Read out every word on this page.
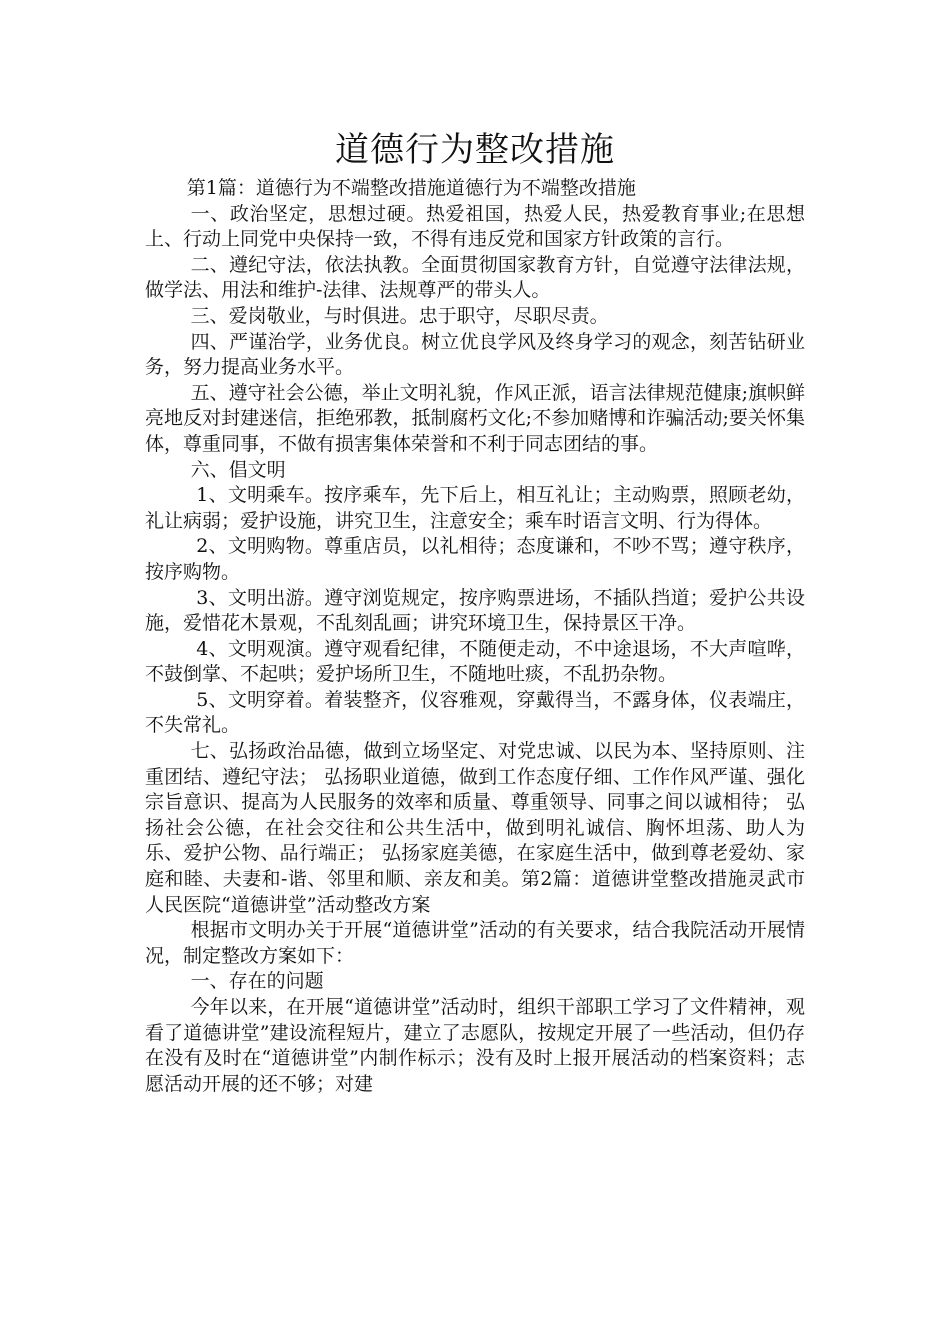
道德行为整改措施

第1篇：道德行为不端整改措施道德行为不端整改措施

一、政治坚定，思想过硬。热爱祖国，热爱人民，热爱教育事业;在思想上、行动上同党中央保持一致，不得有违反党和国家方针政策的言行。

二、遵纪守法，依法执教。全面贯彻国家教育方针，自觉遵守法律法规，做学法、用法和维护-法律、法规尊严的带头人。

三、爱岗敬业，与时俱进。忠于职守，尽职尽责。

四、严谨治学，业务优良。树立优良学风及终身学习的观念，刻苦钻研业务，努力提高业务水平。

五、遵守社会公德，举止文明礼貌，作风正派，语言法律规范健康;旗帜鲜亮地反对封建迷信，拒绝邪教，抵制腐朽文化;不参加赌博和诈骗活动;要关怀集体，尊重同事，不做有损害集体荣誉和不利于同志团结的事。

六、倡文明

1、文明乘车。按序乘车，先下后上，相互礼让；主动购票，照顾老幼，礼让病弱；爱护设施，讲究卫生，注意安全；乘车时语言文明、行为得体。

2、文明购物。尊重店员，以礼相待；态度谦和，不吵不骂；遵守秩序，按序购物。

3、文明出游。遵守浏览规定，按序购票进场，不插队挡道；爱护公共设施，爱惜花木景观，不乱刻乱画；讲究环境卫生，保持景区干净。

4、文明观演。遵守观看纪律，不随便走动，不中途退场，不大声喧哗，不鼓倒掌、不起哄；爱护场所卫生，不随地吐痰，不乱扔杂物。

5、文明穿着。着装整齐，仪容雅观，穿戴得当，不露身体，仪表端庄，不失常礼。

七、弘扬政治品德，做到立场坚定、对党忠诚、以民为本、坚持原则、注重团结、遵纪守法； 弘扬职业道德，做到工作态度仔细、工作作风严谨、强化宗旨意识、提高为人民服务的效率和质量、尊重领导、同事之间以诚相待； 弘扬社会公德，在社会交往和公共生活中，做到明礼诚信、胸怀坦荡、助人为乐、爱护公物、品行端正； 弘扬家庭美德，在家庭生活中，做到尊老爱幼、家庭和睦、夫妻和-谐、邻里和顺、亲友和美。第2篇：道德讲堂整改措施灵武市人民医院“道德讲堂”活动整改方案

根据市文明办关于开展“道德讲堂”活动的有关要求，结合我院活动开展情况，制定整改方案如下：

一、存在的问题

今年以来，在开展“道德讲堂”活动时，组织干部职工学习了文件精神，观看了道德讲堂”建设流程短片，建立了志愿队，按规定开展了一些活动，但仍存在没有及时在“道德讲堂”内制作标示；没有及时上报开展活动的档案资料；志愿活动开展的还不够；对建
